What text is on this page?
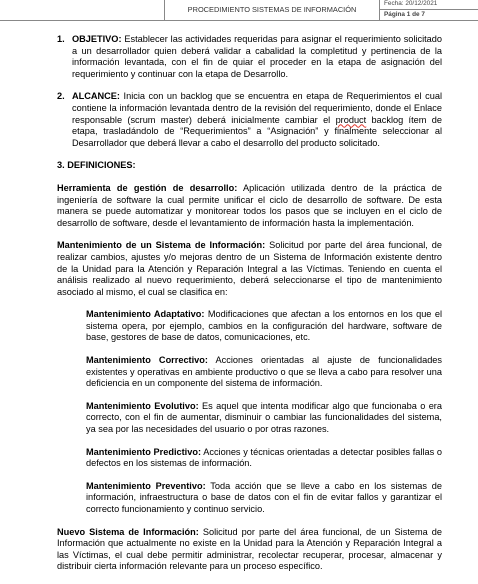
PROCEDIMIENTO SISTEMAS DE INFORMACIÓN
Fecha: 20/12/2021
Página 1 de 7
1. OBJETIVO: Establecer las actividades requeridas para asignar el requerimiento solicitado a un desarrollador quien deberá validar a cabalidad la completitud y pertinencia de la información levantada, con el fin de quiar el proceder en la etapa de asignación del requerimiento y continuar con la etapa de Desarrollo.
2. ALCANCE: Inicia con un backlog que se encuentra en etapa de Requerimientos el cual contiene la información levantada dentro de la revisión del requerimiento, donde el Enlace responsable (scrum master) deberá inicialmente cambiar el product backlog ítem de etapa, trasladándolo de “Requerimientos” a “Asignación” y finalmente seleccionar al Desarrollador que deberá llevar a cabo el desarrollo del producto solicitado.
3. DEFINICIONES:

Herramienta de gestión de desarrollo: Aplicación utilizada dentro de la práctica de ingeniería de software la cual permite unificar el ciclo de desarrollo de software. De esta manera se puede automatizar y monitorear todos los pasos que se incluyen en el ciclo de desarrollo de software, desde el levantamiento de información hasta la implementación.

Mantenimiento de un Sistema de Información: Solicitud por parte del área funcional, de realizar cambios, ajustes y/o mejoras dentro de un Sistema de Información existente dentro de la Unidad para la Atención y Reparación Integral a las Víctimas. Teniendo en cuenta el análisis realizado al nuevo requerimiento, deberá seleccionarse el tipo de mantenimiento asociado al mismo, el cual se clasifica en:

Mantenimiento Adaptativo: Modificaciones que afectan a los entornos en los que el sistema opera, por ejemplo, cambios en la configuración del hardware, software de base, gestores de base de datos, comunicaciones, etc.
Mantenimiento Correctivo: Acciones orientadas al ajuste de funcionalidades existentes y operativas en ambiente productivo o que se lleva a cabo para resolver una deficiencia en un componente del sistema de información.
Mantenimiento Evolutivo: Es aquel que intenta modificar algo que funcionaba o era correcto, con el fin de aumentar, disminuir o cambiar las funcionalidades del sistema, ya sea por las necesidades del usuario o por otras razones.
Mantenimiento Predictivo: Acciones y técnicas orientadas a detectar posibles fallas o defectos en los sistemas de información.
Mantenimiento Preventivo: Toda acción que se lleve a cabo en los sistemas de información, infraestructura o base de datos con el fin de evitar fallos y garantizar el correcto funcionamiento y continuo servicio.

Nuevo Sistema de Información: Solicitud por parte del área funcional, de un Sistema de Información que actualmente no existe en la Unidad para la Atención y Reparación Integral a las Víctimas, el cual debe permitir administrar, recolectar recuperar, procesar, almacenar y distribuir cierta información relevante para un proceso específico.
